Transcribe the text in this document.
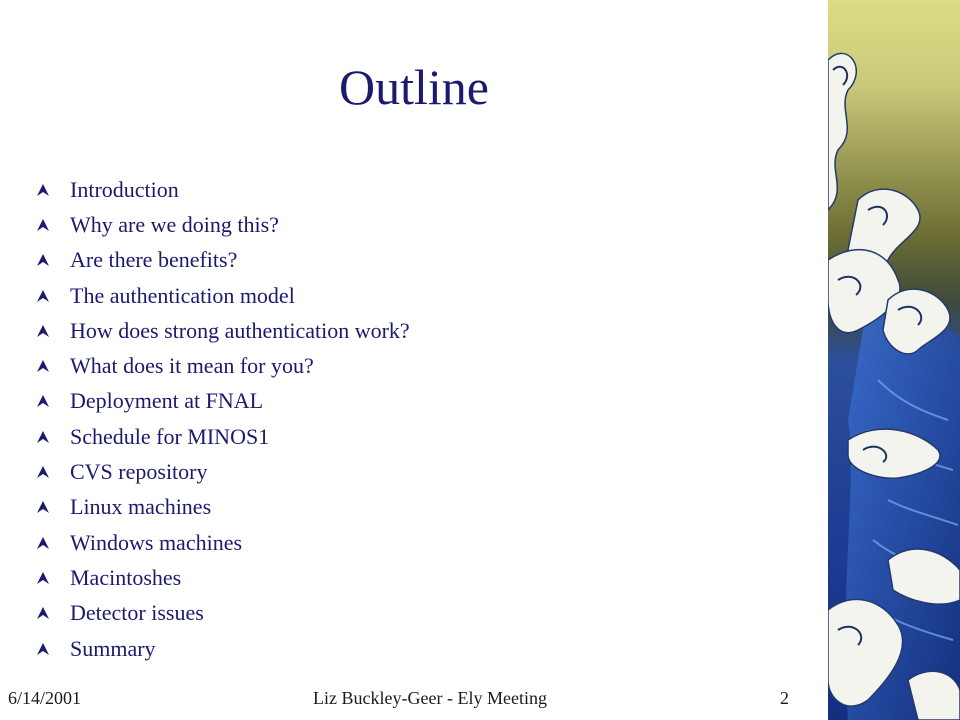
Outline
Introduction
Why are we doing this?
Are there benefits?
The authentication model
How does strong authentication work?
What does it mean for you?
Deployment at FNAL
Schedule for MINOS1
CVS repository
Linux machines
Windows machines
Macintoshes
Detector issues
Summary
6/14/2001	Liz Buckley-Geer - Ely Meeting	2
